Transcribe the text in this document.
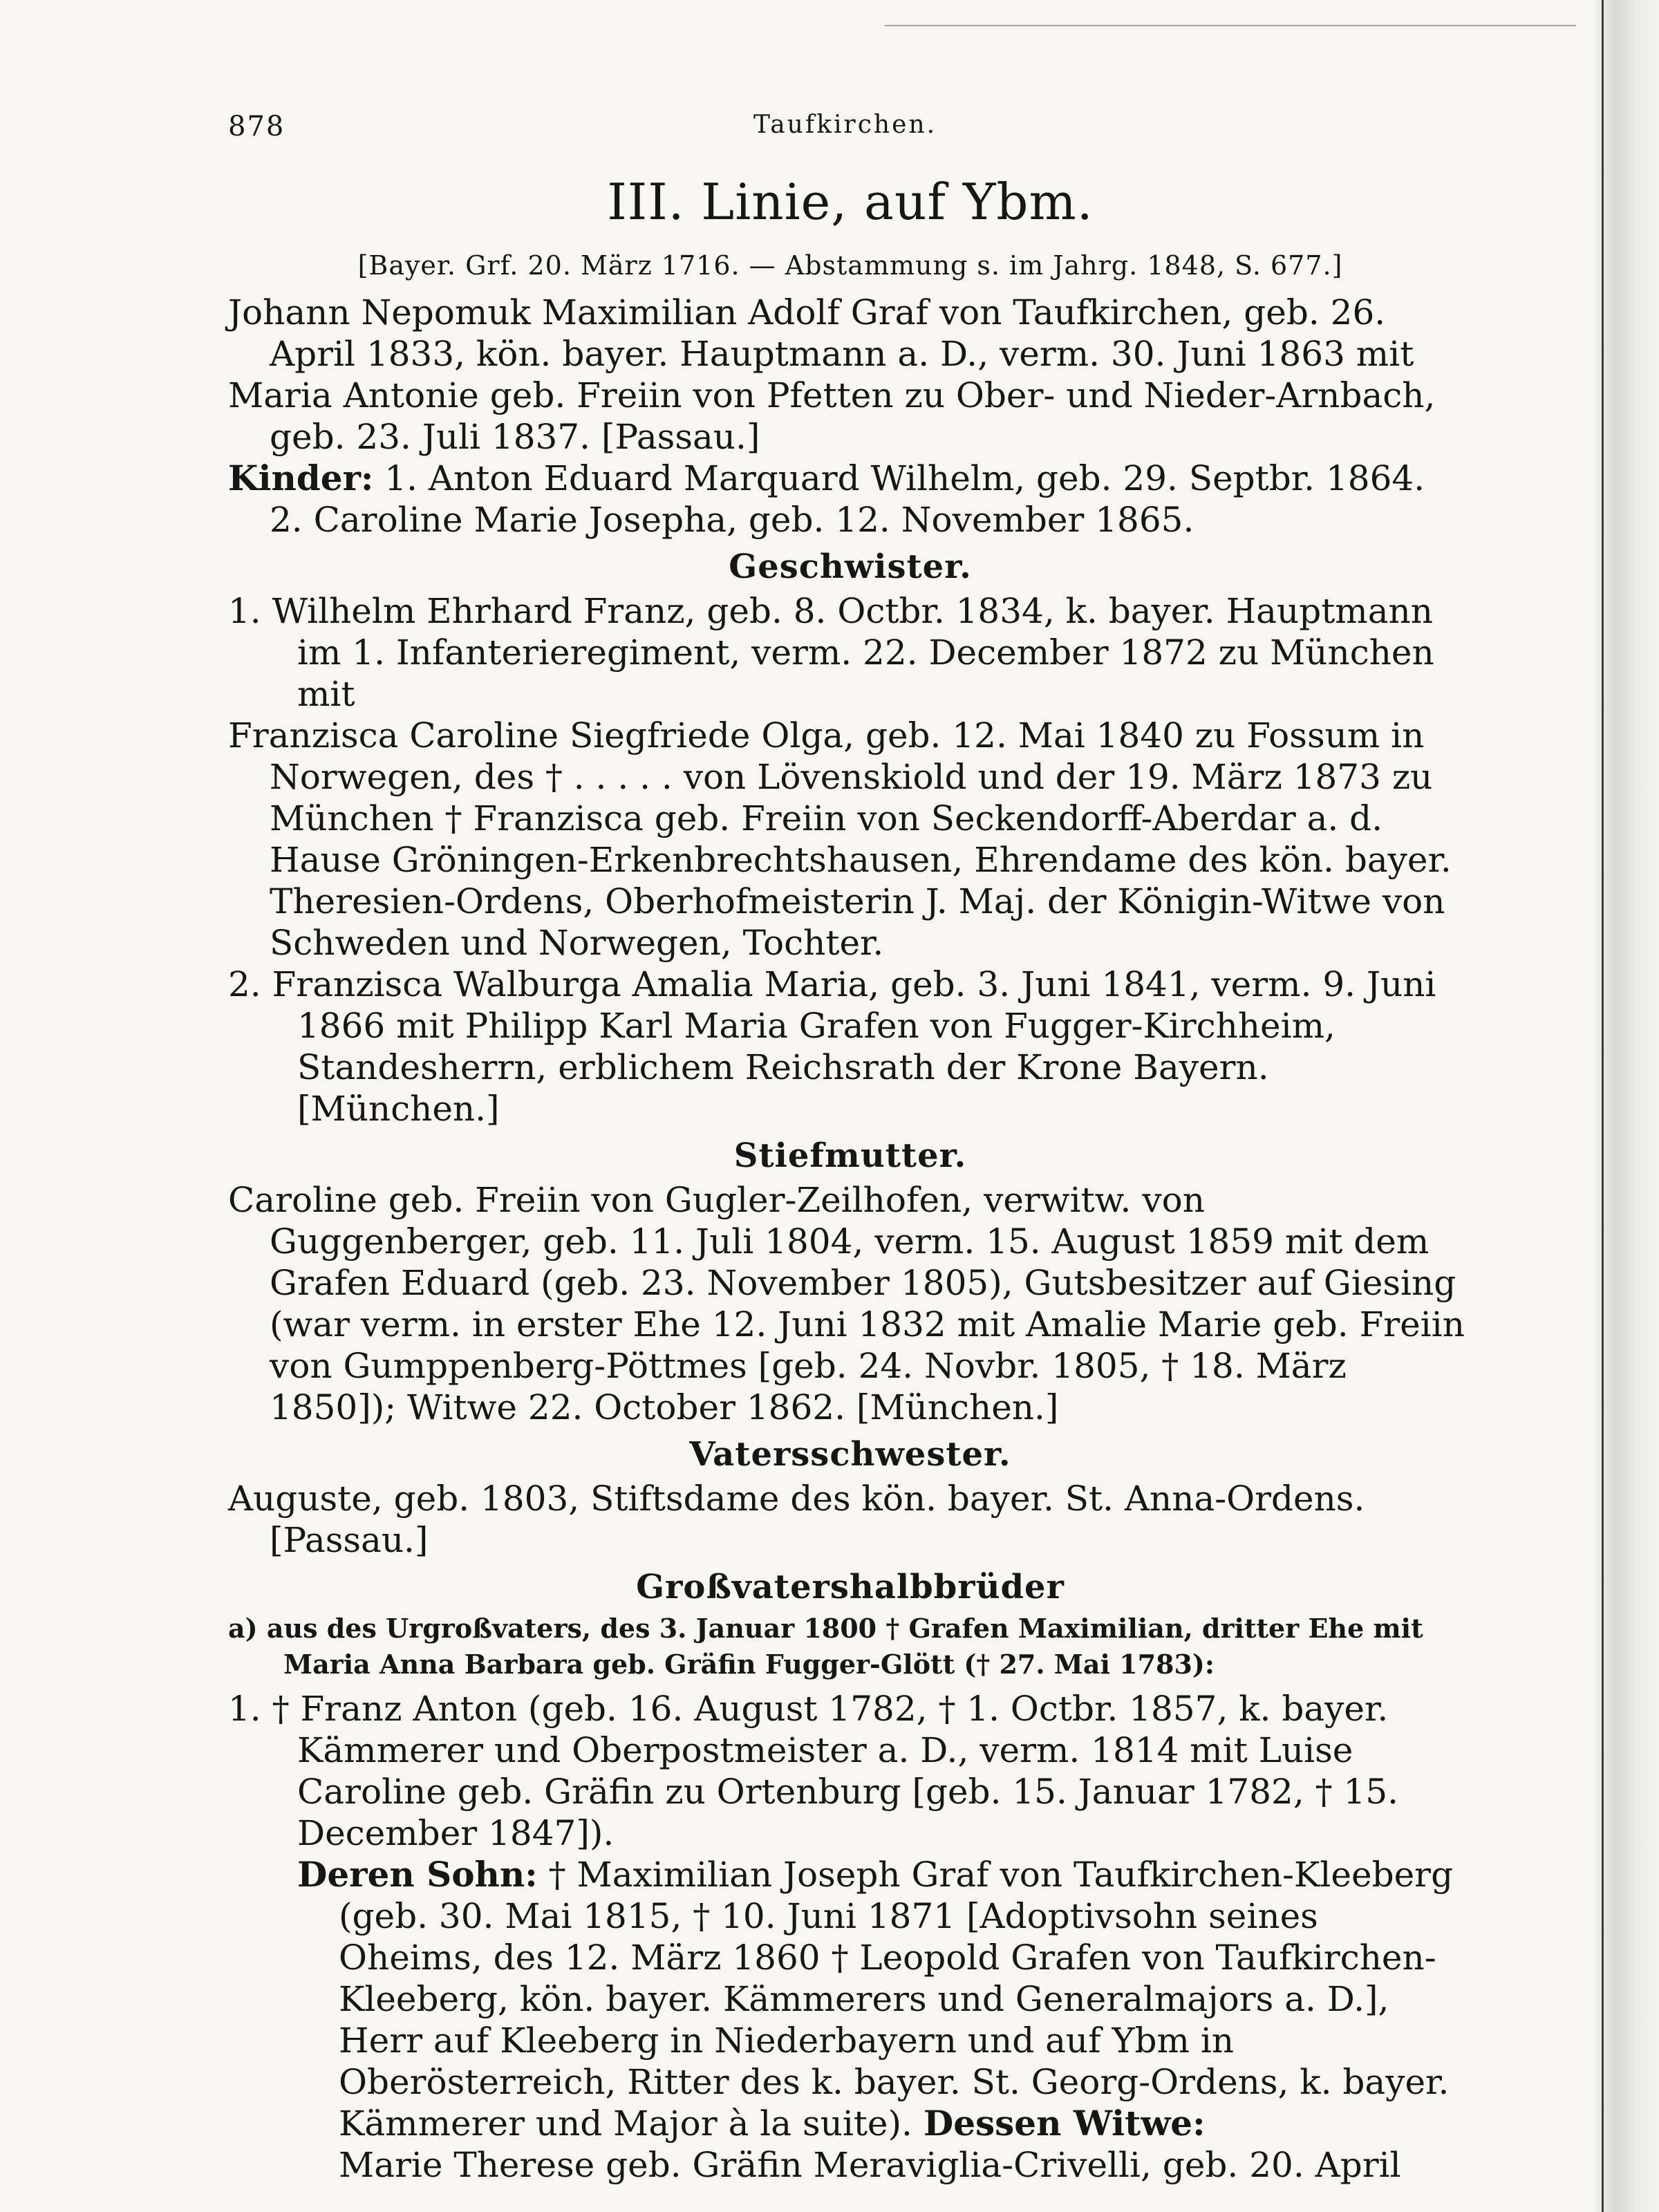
878	Taufkirchen.
III. Linie, auf Ybm.
[Bayer. Grf. 20. März 1716. — Abstammung s. im Jahrg. 1848, S. 677.]

Johann Nepomuk Maximilian Adolf Graf von Taufkirchen, geb. 26. April 1833, kön. bayer. Hauptmann a. D., verm. 30. Juni 1863 mit

Maria Antonie geb. Freiin von Pfetten zu Ober- und Nieder-Arnbach, geb. 23. Juli 1837. [Passau.]

Kinder: 1. Anton Eduard Marquard Wilhelm, geb. 29. Septbr. 1864.

2. Caroline Marie Josepha, geb. 12. November 1865.

Geschwister.

1. Wilhelm Ehrhard Franz, geb. 8. Octbr. 1834, k. bayer. Hauptmann im 1. Infanterieregiment, verm. 22. December 1872 zu München mit

Franzisca Caroline Siegfriede Olga, geb. 12. Mai 1840 zu Fossum in Norwegen, des † . . . . . von Lövenskiold und der 19. März 1873 zu München † Franzisca geb. Freiin von Seckendorff-Aberdar a. d. Hause Gröningen-Erkenbrechtshausen, Ehrendame des kön. bayer. Theresien-Ordens, Oberhofmeisterin J. Maj. der Königin-Witwe von Schweden und Norwegen, Tochter.

2. Franzisca Walburga Amalia Maria, geb. 3. Juni 1841, verm. 9. Juni 1866 mit Philipp Karl Maria Grafen von Fugger-Kirchheim, Standesherrn, erblichem Reichsrath der Krone Bayern. [München.]

Stiefmutter.

Caroline geb. Freiin von Gugler-Zeilhofen, verwitw. von Guggenberger, geb. 11. Juli 1804, verm. 15. August 1859 mit dem Grafen Eduard (geb. 23. November 1805), Gutsbesitzer auf Giesing (war verm. in erster Ehe 12. Juni 1832 mit Amalie Marie geb. Freiin von Gumppenberg-Pöttmes [geb. 24. Novbr. 1805, † 18. März 1850]); Witwe 22. October 1862. [München.]

Vatersschwester.

Auguste, geb. 1803, Stiftsdame des kön. bayer. St. Anna-Ordens. [Passau.]

Großvatershalbbrüder

a) aus des Urgroßvaters, des 3. Januar 1800 † Grafen Maximilian, dritter Ehe mit Maria Anna Barbara geb. Gräfin Fugger-Glött († 27. Mai 1783):

1. † Franz Anton (geb. 16. August 1782, † 1. Octbr. 1857, k. bayer. Kämmerer und Oberpostmeister a. D., verm. 1814 mit Luise Caroline geb. Gräfin zu Ortenburg [geb. 15. Januar 1782, † 15. December 1847]).

Deren Sohn: † Maximilian Joseph Graf von Taufkirchen-Kleeberg (geb. 30. Mai 1815, † 10. Juni 1871 [Adoptivsohn seines Oheims, des 12. März 1860 † Leopold Grafen von Taufkirchen-Kleeberg, kön. bayer. Kämmerers und Generalmajors a. D.], Herr auf Kleeberg in Niederbayern und auf Ybm in Oberösterreich, Ritter des k. bayer. St. Georg-Ordens, k. bayer. Kämmerer und Major à la suite). Dessen Witwe:

Marie Therese geb. Gräfin Meraviglia-Crivelli, geb. 20. April
